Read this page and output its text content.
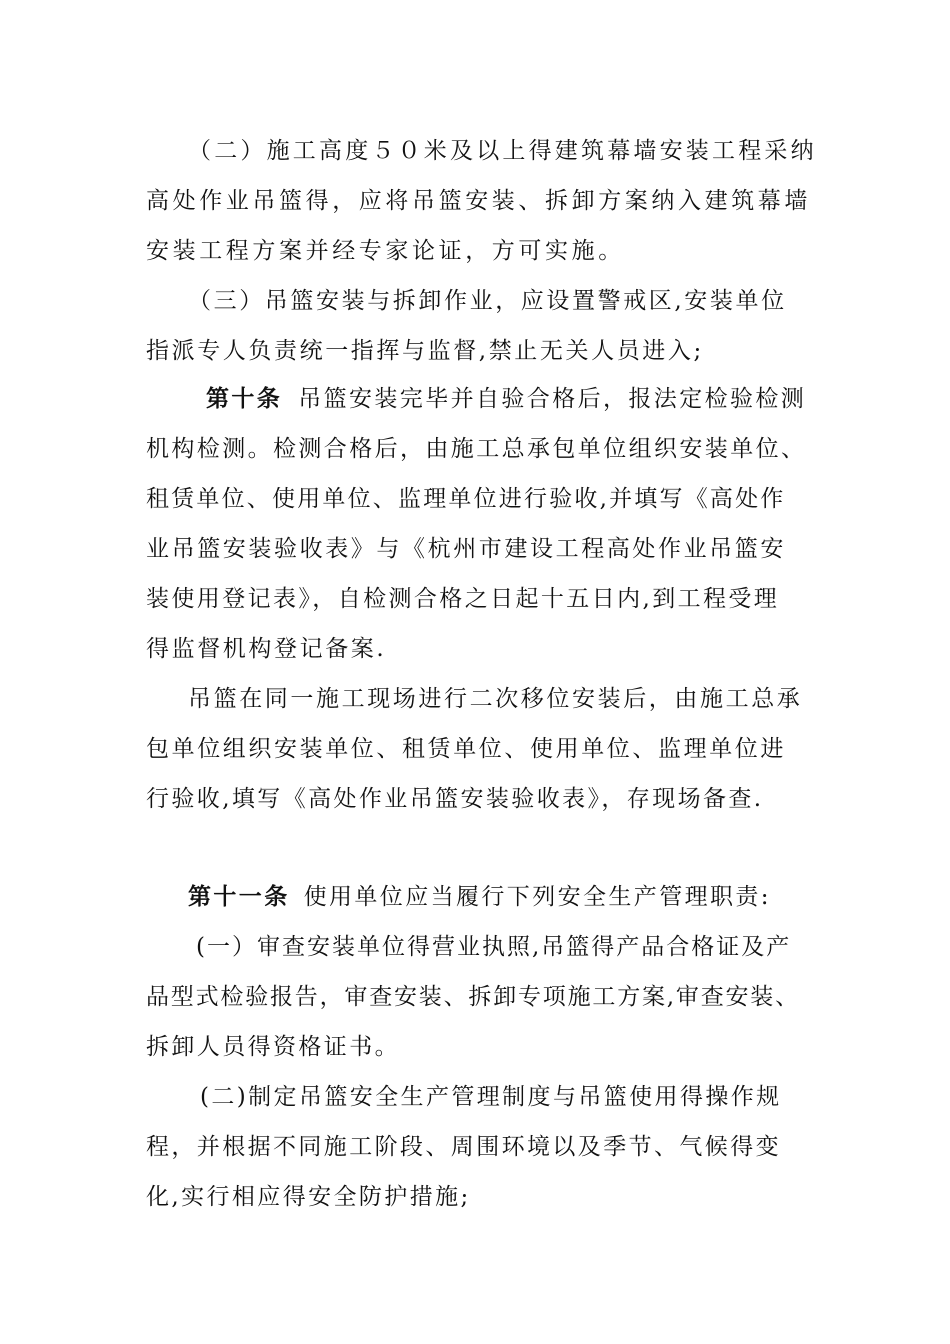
（二）施工高度５０米及以上得建筑幕墙安装工程采纳
高处作业吊篮得，应将吊篮安装、拆卸方案纳入建筑幕墙
安装工程方案并经专家论证，方可实施。
（三）吊篮安装与拆卸作业，应设置警戒区,安装单位
指派专人负责统一指挥与监督,禁止无关人员进入;
第十条 吊篮安装完毕并自验合格后，报法定检验检测
机构检测。检测合格后，由施工总承包单位组织安装单位、
租赁单位、使用单位、监理单位进行验收,并填写《高处作
业吊篮安装验收表》与《杭州市建设工程高处作业吊篮安
装使用登记表》，自检测合格之日起十五日内,到工程受理
得监督机构登记备案.
吊篮在同一施工现场进行二次移位安装后，由施工总承
包单位组织安装单位、租赁单位、使用单位、监理单位进
行验收,填写《高处作业吊篮安装验收表》，存现场备查.
第十一条 使用单位应当履行下列安全生产管理职责:
(一）审查安装单位得营业执照,吊篮得产品合格证及产
品型式检验报告，审查安装、拆卸专项施工方案,审查安装、
拆卸人员得资格证书。
(二)制定吊篮安全生产管理制度与吊篮使用得操作规
程，并根据不同施工阶段、周围环境以及季节、气候得变
化,实行相应得安全防护措施;
